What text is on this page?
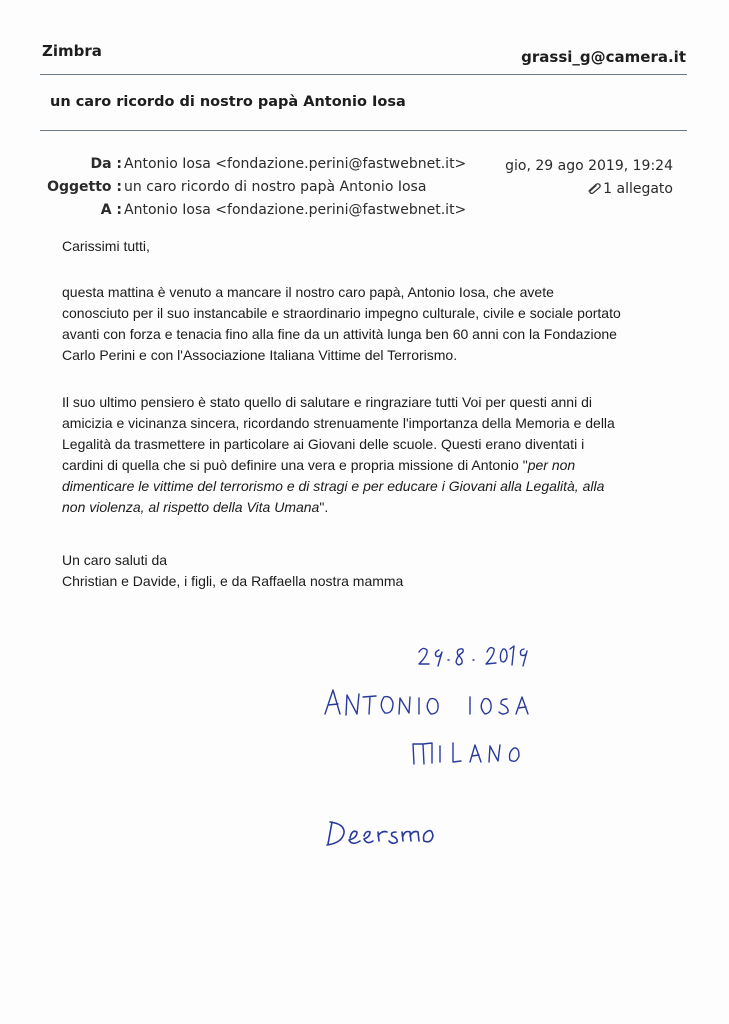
Zimbra	grassi_g@camera.it
un caro ricordo di nostro papà Antonio Iosa
Da : Antonio Iosa <fondazione.perini@fastwebnet.it>
Oggetto : un caro ricordo di nostro papà Antonio Iosa
A : Antonio Iosa <fondazione.perini@fastwebnet.it>
gio, 29 ago 2019, 19:24
1 allegato

Carissimi tutti,

questa mattina è venuto a mancare il nostro caro papà, Antonio Iosa, che avete
conosciuto per il suo instancabile e straordinario impegno culturale, civile e sociale portato
avanti con forza e tenacia fino alla fine da un attività lunga ben 60 anni con la Fondazione
Carlo Perini e con l'Associazione Italiana Vittime del Terrorismo.

Il suo ultimo pensiero è stato quello di salutare e ringraziare tutti Voi per questi anni di
amicizia e vicinanza sincera, ricordando strenuamente l'importanza della Memoria e della
Legalità da trasmettere in particolare ai Giovani delle scuole. Questi erano diventati i
cardini di quella che si può definire una vera e propria missione di Antonio "per non
dimenticare le vittime del terrorismo e di stragi e per educare i Giovani alla Legalità, alla
non violenza, al rispetto della Vita Umana".

Un caro saluti da
Christian e Davide, i figli, e da Raffaella nostra mamma
